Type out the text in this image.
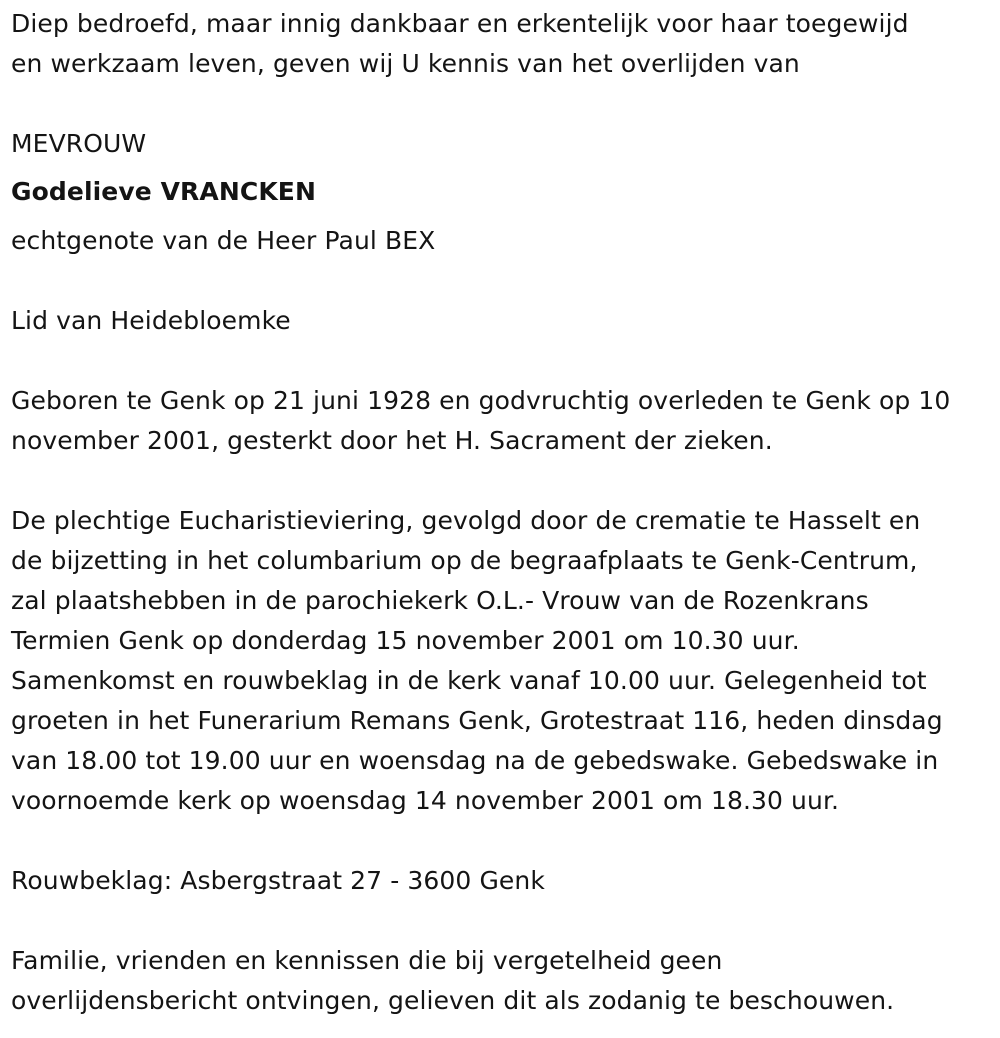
Diep bedroefd, maar innig dankbaar en erkentelijk voor haar toegewijd
en werkzaam leven, geven wij U kennis van het overlijden van
MEVROUW
Godelieve VRANCKEN
echtgenote van de Heer Paul BEX
Lid van Heidebloemke
Geboren te Genk op 21 juni 1928 en godvruchtig overleden te Genk op 10
november 2001, gesterkt door het H. Sacrament der zieken.
De plechtige Eucharistieviering, gevolgd door de crematie te Hasselt en
de bijzetting in het columbarium op de begraafplaats te Genk-Centrum,
zal plaatshebben in de parochiekerk O.L.- Vrouw van de Rozenkrans
Termien Genk op donderdag 15 november 2001 om 10.30 uur.
Samenkomst en rouwbeklag in de kerk vanaf 10.00 uur. Gelegenheid tot
groeten in het Funerarium Remans Genk, Grotestraat 116, heden dinsdag
van 18.00 tot 19.00 uur en woensdag na de gebedswake. Gebedswake in
voornoemde kerk op woensdag 14 november 2001 om 18.30 uur.
Rouwbeklag: Asbergstraat 27 - 3600 Genk
Familie, vrienden en kennissen die bij vergetelheid geen
overlijdensbericht ontvingen, gelieven dit als zodanig te beschouwen.
